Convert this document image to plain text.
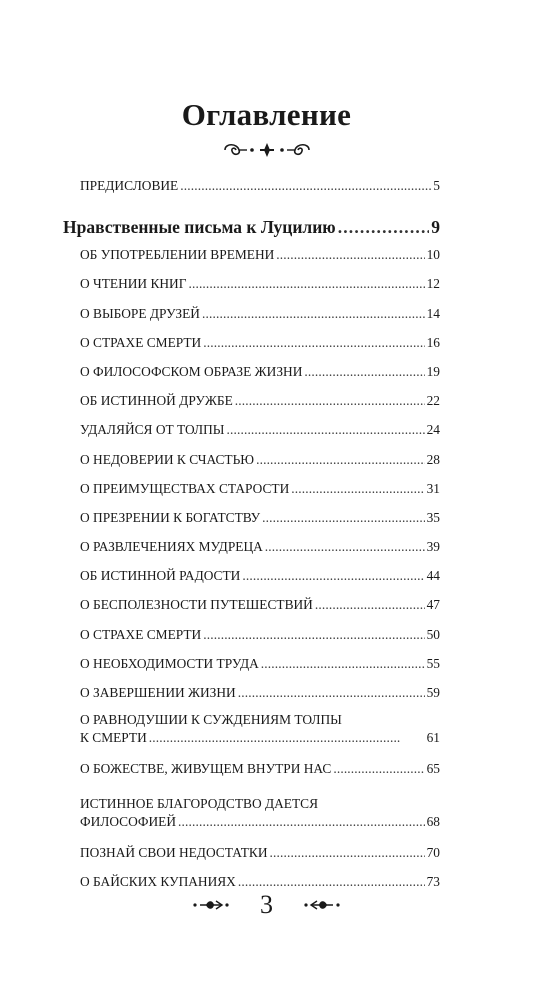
Оглавление
ПРЕДИСЛОВИЕ . . .	5
Нравственные письма к Луцилию . . .	9
ОБ УПОТРЕБЛЕНИИ ВРЕМЕНИ . . .	10
О ЧТЕНИИ КНИГ . . .	12
О ВЫБОРЕ ДРУЗЕЙ . . .	14
О СТРАХЕ СМЕРТИ . . .	16
О ФИЛОСОФСКОМ ОБРАЗЕ ЖИЗНИ . . .	19
ОБ ИСТИННОЙ ДРУЖБЕ . . .	22
УДАЛЯЙСЯ ОТ ТОЛПЫ . . .	24
О НЕДОВЕРИИ К СЧАСТЬЮ . . .	28
О ПРЕИМУЩЕСТВАХ СТАРОСТИ . . .	31
О ПРЕЗРЕНИИ К БОГАТСТВУ . . .	35
О РАЗВЛЕЧЕНИЯХ МУДРЕЦА . . .	39
ОБ ИСТИННОЙ РАДОСТИ . . .	44
О БЕСПОЛЕЗНОСТИ ПУТЕШЕСТВИЙ . . .	47
О СТРАХЕ СМЕРТИ . . .	50
О НЕОБХОДИМОСТИ ТРУДА . . .	55
О ЗАВЕРШЕНИИ ЖИЗНИ . . .	59
О РАВНОДУШИИ К СУЖДЕНИЯМ ТОЛПЫ
К СМЕРТИ . . .	61
О БОЖЕСТВЕ, ЖИВУЩЕМ ВНУТРИ НАС . . .	65
ИСТИННОЕ БЛАГОРОДСТВО ДАЕТСЯ
ФИЛОСОФИЕЙ . . .	68
ПОЗНАЙ СВОИ НЕДОСТАТКИ . . .	70
О БАЙСКИХ КУПАНИЯХ . . .	73
3
